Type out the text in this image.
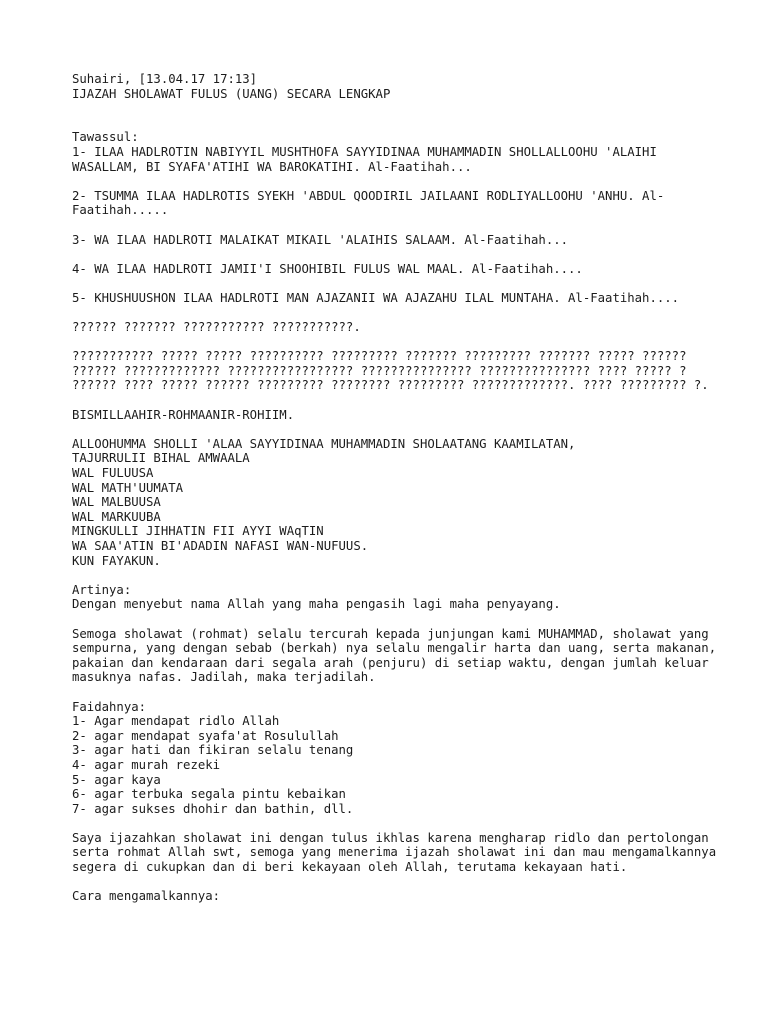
Suhairi, [13.04.17 17:13]
IJAZAH SHOLAWAT FULUS (UANG) SECARA LENGKAP
Tawassul:
1- ILAA HADLROTIN NABIYYIL MUSHTHOFA SAYYIDINAA MUHAMMADIN SHOLLALLOOHU 'ALAIHI WASALLAM, BI SYAFA'ATIHI WA BAROKATIHI. Al-Faatihah...
2- TSUMMA ILAA HADLROTIS SYEKH 'ABDUL QOODIRIL JAILAANI RODLIYALLOOHU 'ANHU. Al-Faatihah.....
3- WA ILAA HADLROTI MALAIKAT MIKAIL 'ALAIHIS SALAAM. Al-Faatihah...
4- WA ILAA HADLROTI JAMII'I SHOOHIBIL FULUS WAL MAAL. Al-Faatihah....
5- KHUSHUUSHON ILAA HADLROTI MAN AJAZANII WA AJAZAHU ILAL MUNTAHA. Al-Faatihah....
?????? ??????? ??????????? ???????????.
??????????? ????? ????? ?????????? ????????? ??????? ????????? ??????? ????? ?????? ?????? ????????????? ????????????????? ??????????????? ??????????????? ???? ????? ? ?????? ???? ????? ?????? ????????? ???????? ????????? ?????????????. ???? ????????? ?.
BISMILLAAHIR-ROHMAANIR-ROHIIM.
ALLOOHUMMA SHOLLI 'ALAA SAYYIDINAA MUHAMMADIN SHOLAATANG KAAMILATAN,
TAJURRULII BIHAL AMWAALA
WAL FULUUSA
WAL MATH'UUMATA
WAL MALBUUSA
WAL MARKUUBA
MINGKULLI JIHHATIN FII AYYI WAqTIN
WA SAA'ATIN BI'ADADIN NAFASI WAN-NUFUUS.
KUN FAYAKUN.
Artinya:
Dengan menyebut nama Allah yang maha pengasih lagi maha penyayang.
Semoga sholawat (rohmat) selalu tercurah kepada junjungan kami MUHAMMAD, sholawat yang sempurna, yang dengan sebab (berkah) nya selalu mengalir harta dan uang, serta makanan, pakaian dan kendaraan dari segala arah (penjuru) di setiap waktu, dengan jumlah keluar masuknya nafas. Jadilah, maka terjadilah.
Faidahnya:
1- Agar mendapat ridlo Allah
2- agar mendapat syafa'at Rosulullah
3- agar hati dan fikiran selalu tenang
4- agar murah rezeki
5- agar kaya
6- agar terbuka segala pintu kebaikan
7- agar sukses dhohir dan bathin, dll.
Saya ijazahkan sholawat ini dengan tulus ikhlas karena mengharap ridlo dan pertolongan serta rohmat Allah swt, semoga yang menerima ijazah sholawat ini dan mau mengamalkannya segera di cukupkan dan di beri kekayaan oleh Allah, terutama kekayaan hati.
Cara mengamalkannya:
